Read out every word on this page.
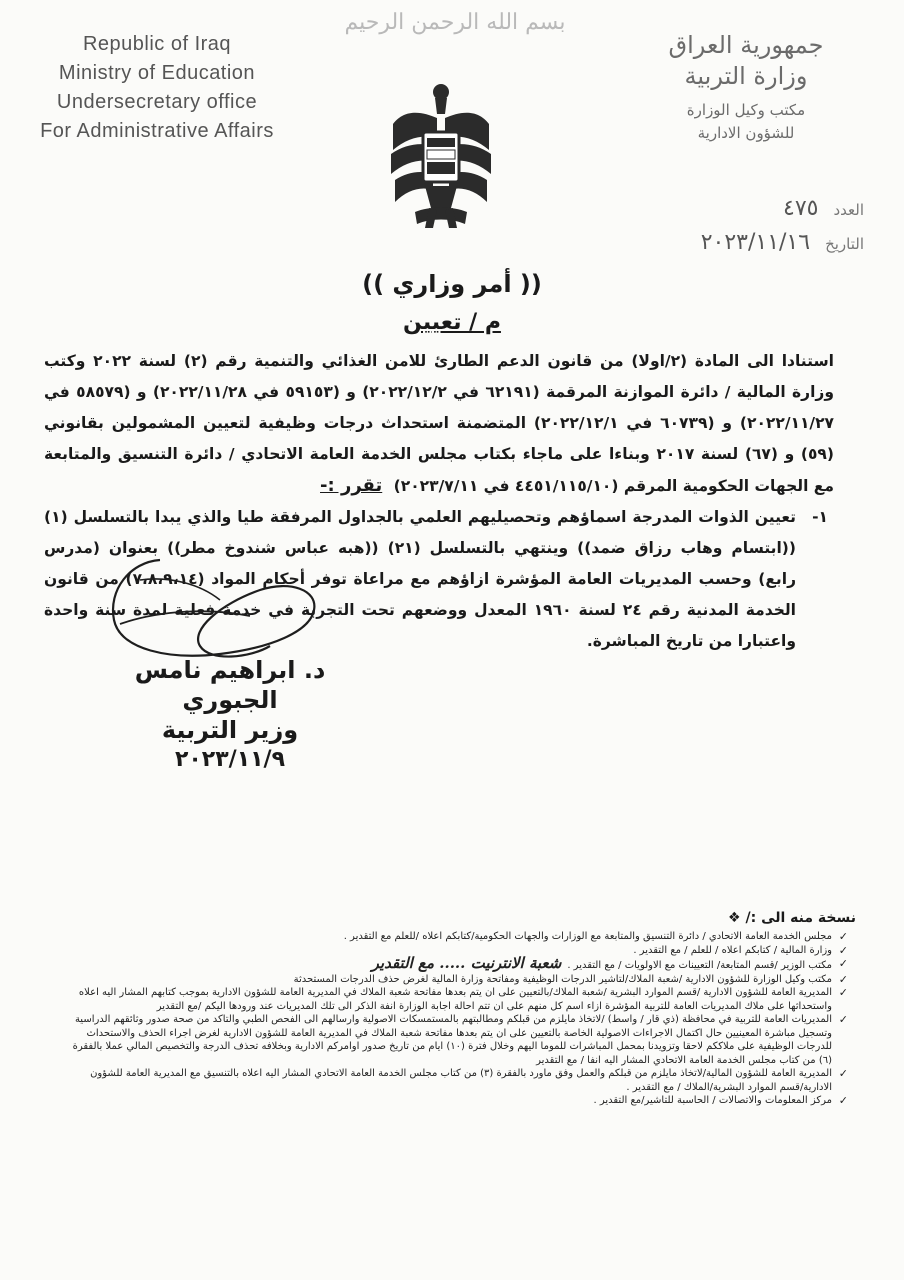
Republic of Iraq
Ministry of Education
Undersecretary office
For Administrative Affairs
بسم الله الرحمن الرحيم
جمهورية العراق
وزارة التربية
مكتب وكيل الوزارة
للشؤون الادارية
العدد ٤٧٥
التاريخ ٢٠٢٣/١١/١٦
(( أمر وزاري ))
م / تعيين

استنادا الى المادة (٢/اولا) من قانون الدعم الطارئ للامن الغذائي والتنمية رقم (٢) لسنة ٢٠٢٢ وكتب وزارة المالية / دائرة الموازنة المرقمة (٦٢١٩١ في ٢٠٢٢/١٢/٢) و (٥٩١٥٣ في ٢٠٢٢/١١/٢٨) و (٥٨٥٧٩ في ٢٠٢٢/١١/٢٧) و (٦٠٧٣٩ في ٢٠٢٢/١٢/١) المتضمنة استحداث درجات وظيفية لتعيين المشمولين بقانوني (٥٩) و (٦٧) لسنة ٢٠١٧ وبناءا على ماجاء بكتاب مجلس الخدمة العامة الاتحادي / دائرة التنسيق والمتابعة مع الجهات الحكومية المرقم (٤٤٥١/١١٥/١٠ في ٢٠٢٣/٧/١١) تقرر :-

١-
تعيين الذوات المدرجة اسماؤهم وتحصيليهم العلمي بالجداول المرفقة طيا والذي يبدا بالتسلسل (١) ((ابتسام وهاب رزاق ضمد)) وينتهي بالتسلسل (٢١) ((هبه عباس شندوخ مطر)) بعنوان (مدرس رابع) وحسب المديريات العامة المؤشرة ازاؤهم مع مراعاة توفر أحكام المواد (٧،٨،٩،١٤) من قانون الخدمة المدنية رقم ٢٤ لسنة ١٩٦٠ المعدل ووضعهم تحت التجربة في خدمة فعلية لمدة سنة واحدة واعتبارا من تاريخ المباشرة.

د. ابراهيم نامس الجبوري
وزير التربية
٢٠٢٣/١١/٩
نسخة منه الى :/ ❖
✓
مجلس الخدمة العامة الاتحادي / دائرة التنسيق والمتابعة مع الوزارات والجهات الحكومية/كتابكم اعلاه /للعلم مع التقدير .
✓
وزارة المالية / كتابكم اعلاه / للعلم / مع التقدير .
✓
مكتب الوزير /قسم المتابعة/ التعيينات مع الاولويات / مع التقدير .شعبة الانترنيت ..... مع التقدير
✓
مكتب وكيل الوزارة للشؤون الادارية /شعبة الملاك/لتاشير الدرجات الوظيفية ومفاتحة وزارة المالية لغرض حذف الدرجات المستحدثة
✓
المديرية العامة للشؤون الادارية /قسم الموارد البشرية /شعبة الملاك/بالتعيين على ان يتم بعدها مفاتحة شعبة الملاك في المديرية العامة للشؤون الادارية بموجب كتابهم المشار اليه اعلاه واستحداثها على ملاك المديريات العامة للتربية المؤشرة ازاء اسم كل منهم على ان تتم احالة اجابة الوزارة انفة الذكر الى تلك المديريات عند ورودها اليكم /مع التقدير
✓
المديريات العامة للتربية في محافظة (ذي قار / واسط) /لاتخاذ مايلزم من قبلكم ومطالبتهم بالمستمسكات الاصولية وارسالهم الى الفحص الطبي والتاكد من صحة صدور وثائقهم الدراسية وتسجيل مباشرة المعينيين حال اكتمال الاجراءات الاصولية الخاصة بالتعيين على ان يتم بعدها مفاتحة شعبة الملاك في المديرية العامة للشؤون الادارية لغرض اجراء الحذف والاستحداث للدرجات الوظيفية على ملاككم لاحقا وتزويدنا بمحمل المباشرات للموما اليهم وخلال فترة (١٠) ايام من تاريخ صدور اوامركم الادارية وبخلافه تحذف الدرجة والتخصيص المالي عملا بالفقرة (٦) من كتاب مجلس الخدمة العامة الاتحادي المشار اليه انفا / مع التقدير
✓
المديرية العامة للشؤون المالية/لاتخاذ مايلزم من قبلكم والعمل وفق ماورد بالفقرة (٣) من كتاب مجلس الخدمة العامة الاتحادي المشار اليه اعلاه بالتنسيق مع المديرية العامة للشؤون الادارية/قسم الموارد البشرية/الملاك / مع التقدير .
✓
مركز المعلومات والاتصالات / الحاسبة للتاشير/مع التقدير .
